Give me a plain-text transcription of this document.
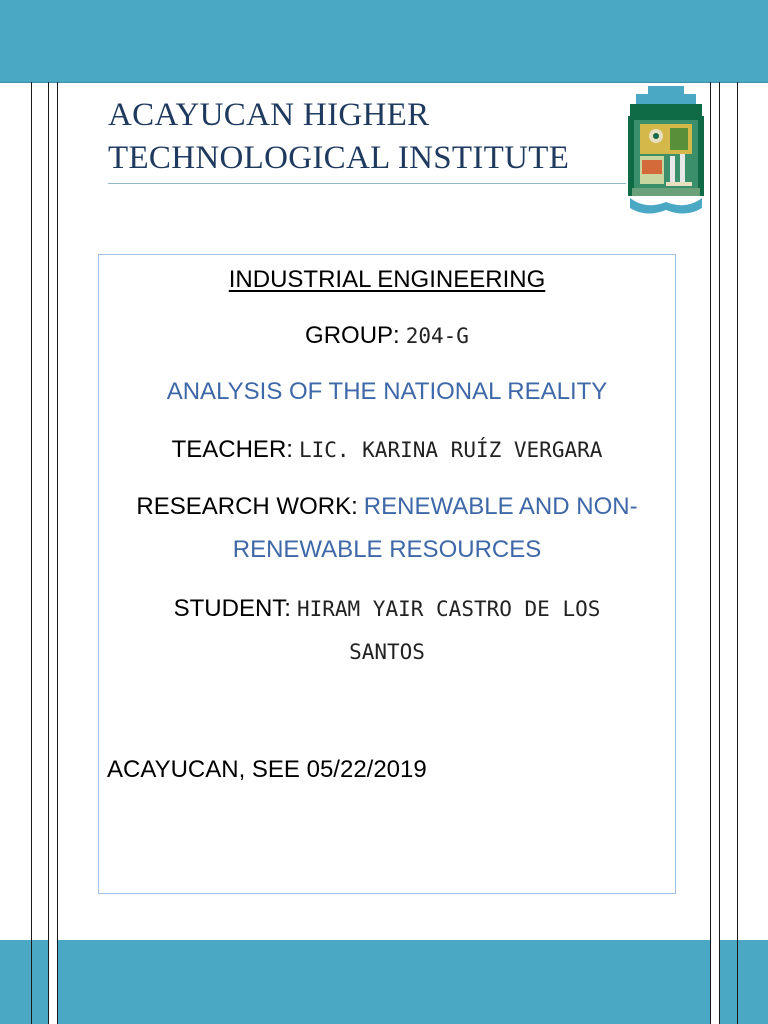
ACAYUCAN HIGHER
TECHNOLOGICAL INSTITUTE
INDUSTRIAL ENGINEERING
GROUP: 204-G
ANALYSIS OF THE NATIONAL REALITY
TEACHER: LIC. KARINA RUÍZ VERGARA
RESEARCH WORK: RENEWABLE AND NON-
RENEWABLE RESOURCES
STUDENT: HIRAM YAIR CASTRO DE LOS
SANTOS
ACAYUCAN, SEE 05/22/2019
